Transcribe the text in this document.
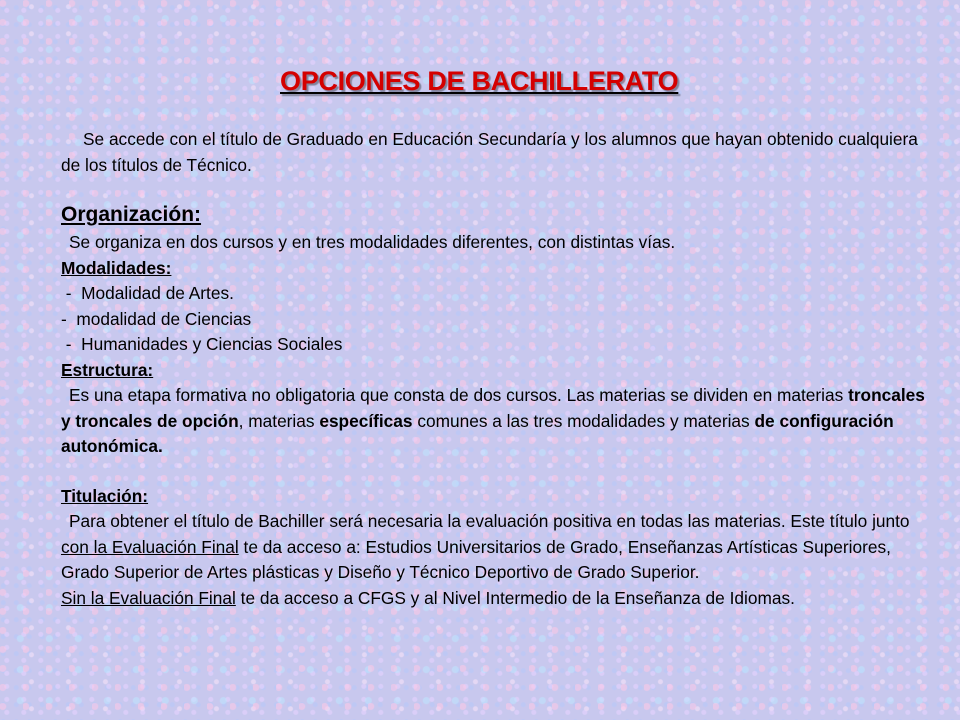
OPCIONES DE BACHILLERATO

Se accede con el título de Graduado en Educación Secundaría y los alumnos que hayan obtenido cualquiera de los títulos de Técnico.

Organización:

Se organiza en dos cursos y en tres modalidades diferentes, con distintas vías.

Modalidades:

-  Modalidad de Artes.

-  modalidad de Ciencias

-  Humanidades y Ciencias Sociales

Estructura:

Es una etapa formativa no obligatoria que consta de dos cursos. Las materias se dividen en materias troncales y troncales de opción, materias específicas comunes a las tres modalidades y materias de configuración autonómica.

Titulación:

Para obtener el título de Bachiller será necesaria la evaluación positiva en todas las materias. Este título junto con la Evaluación Final te da acceso a: Estudios Universitarios de Grado, Enseñanzas Artísticas Superiores, Grado Superior de Artes plásticas y Diseño y Técnico Deportivo de Grado Superior.

Sin la Evaluación Final te da acceso a CFGS y al Nivel Intermedio de la Enseñanza de Idiomas.
